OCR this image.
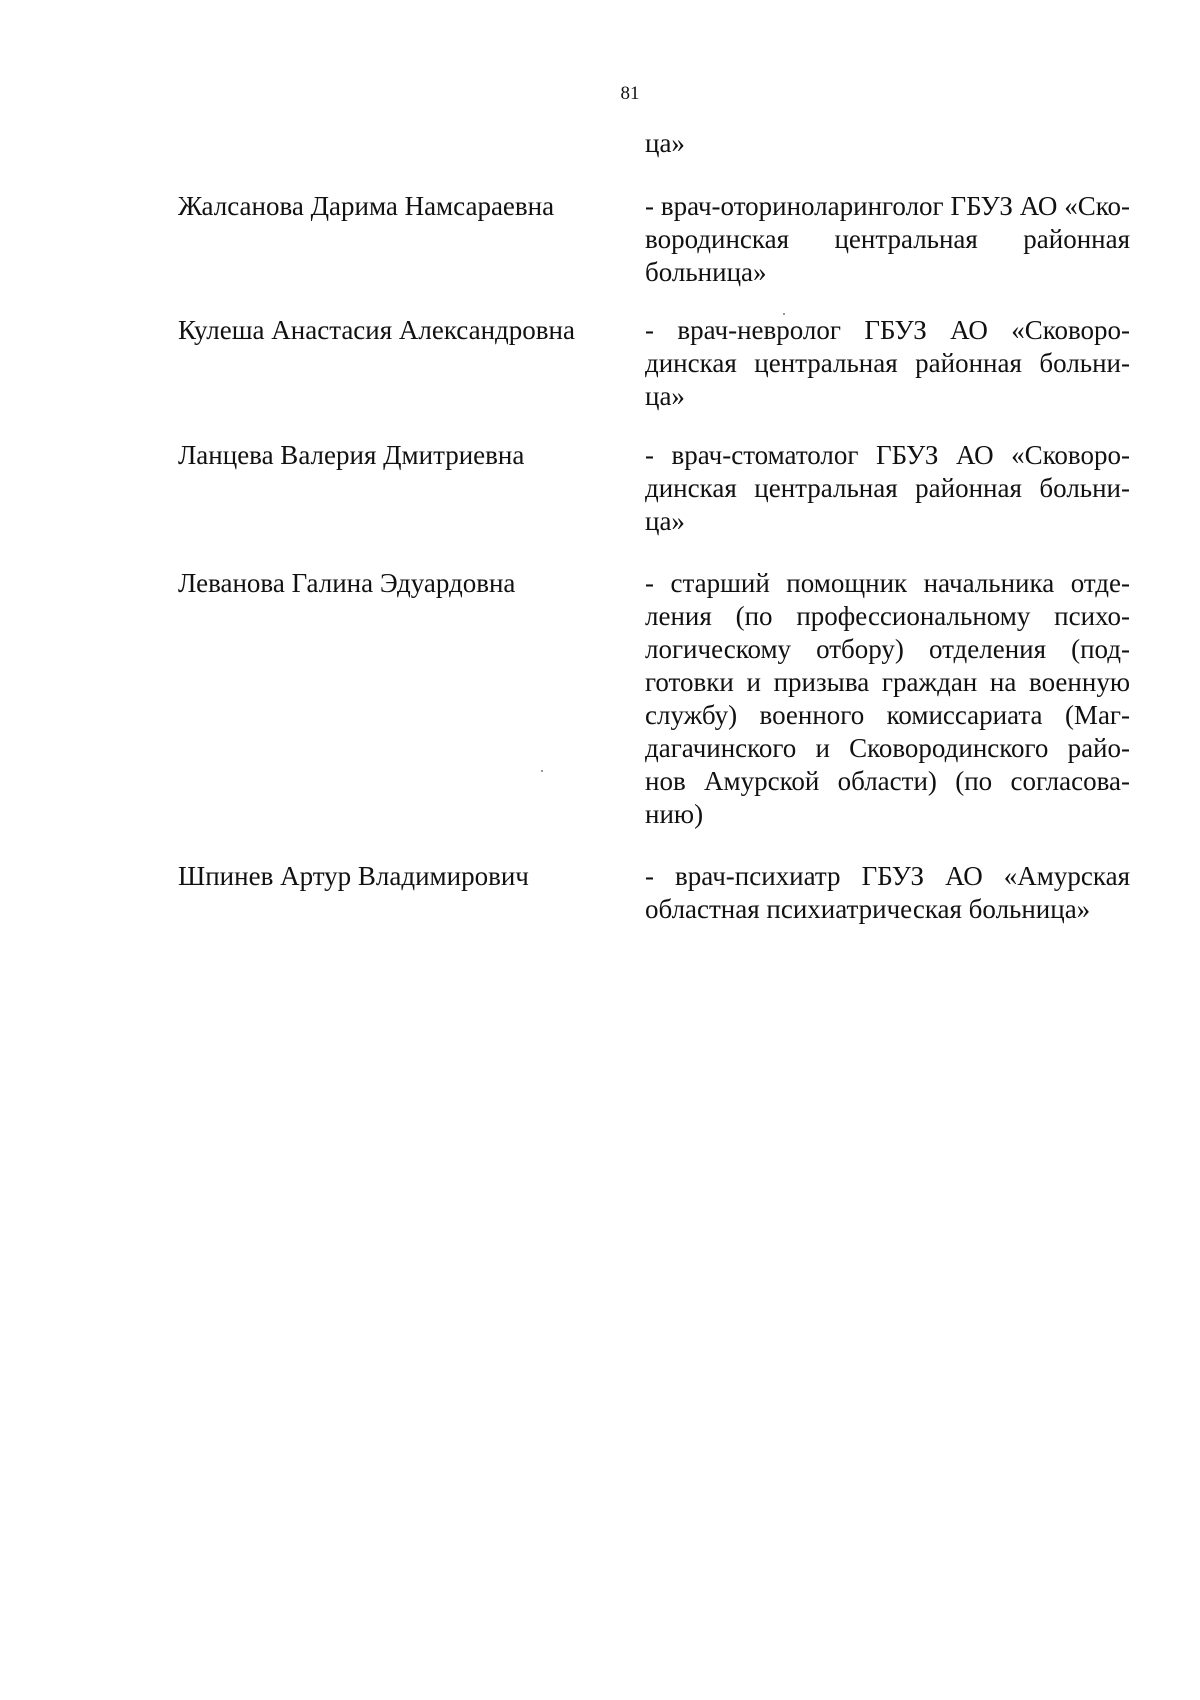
81
ца»
Жалсанова Дарима Намсараевна	- врач-оториноларинголог ГБУЗ АО «Ско-
вородинская центральная районная
больница»
Кулеша Анастасия Александровна	- врач-невролог ГБУЗ АО «Сковоро-
динская центральная районная больни-
ца»
Ланцева Валерия Дмитриевна	- врач-стоматолог ГБУЗ АО «Сковоро-
динская центральная районная больни-
ца»
Леванова Галина Эдуардовна	- старший помощник начальника отде-
ления (по профессиональному психо-
логическому отбору) отделения (под-
готовки и призыва граждан на военную
службу) военного комиссариата (Маг-
дагачинского и Сковородинского райо-
нов Амурской области) (по согласова-
нию)
Шпинев Артур Владимирович	- врач-психиатр ГБУЗ АО «Амурская
областная психиатрическая больница»
